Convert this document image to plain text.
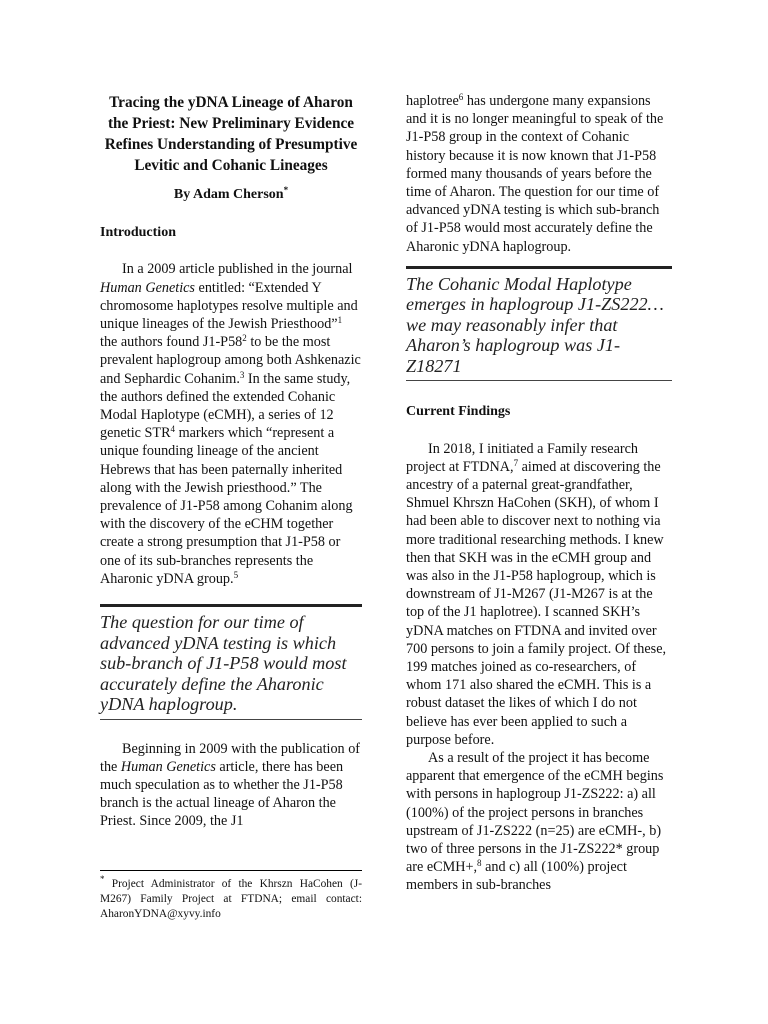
Tracing the yDNA Lineage of Aharon the Priest: New Preliminary Evidence Refines Understanding of Presumptive Levitic and Cohanic Lineages
By Adam Cherson*
Introduction

In a 2009 article published in the journal Human Genetics entitled: “Extended Y chromosome haplotypes resolve multiple and unique lineages of the Jewish Priesthood”$^1$ the authors found $J1-P58^2$ to be the most prevalent haplogroup among both Ashkenazic and Sephardic Cohanim.$^3$ In the same study, the authors defined the extended Cohanic Modal Haplotype (eCMH), a series of 12 genetic STR$^4$ markers which “represent a unique founding lineage of the ancient Hebrews that has been paternally inherited along with the Jewish priesthood.” The prevalence of J1-P58 among Cohanim along with the discovery of the eCHM together create a strong presumption that J1-P58 or one of its sub-branches represents the Aharonic yDNA group.$^5$

The question for our time of advanced yDNA testing is which sub-branch of J1-P58 would most accurately define the Aharonic yDNA haplogroup.

Beginning in 2009 with the publication of the Human Genetics article, there has been much speculation as to whether the J1-P58 branch is the actual lineage of Aharon the Priest. Since 2009, the J1

* Project Administrator of the Khrszn HaCohen (J-M267) Family Project at FTDNA; email contact: AharonYDNA@xyvy.info

haplotree$^6$ has undergone many expansions and it is no longer meaningful to speak of the J1-P58 group in the context of Cohanic history because it is now known that J1-P58 formed many thousands of years before the time of Aharon. The question for our time of advanced yDNA testing is which sub-branch of J1-P58 would most accurately define the Aharonic yDNA haplogroup.

The Cohanic Modal Haplotype emerges in haplogroup J1-ZS222… we may reasonably infer that Aharon’s haplogroup was J1-Z18271
Current Findings

In 2018, I initiated a Family research project at FTDNA,$^7$ aimed at discovering the ancestry of a paternal great-grandfather, Shmuel Khrszn HaCohen (SKH), of whom I had been able to discover next to nothing via more traditional researching methods. I knew then that SKH was in the eCMH group and was also in the J1-P58 haplogroup, which is downstream of J1-M267 (J1-M267 is at the top of the J1 haplotree). I scanned SKH’s yDNA matches on FTDNA and invited over 700 persons to join a family project. Of these, 199 matches joined as co-researchers, of whom 171 also shared the eCMH. This is a robust dataset the likes of which I do not believe has ever been applied to such a purpose before.

As a result of the project it has become apparent that emergence of the eCMH begins with persons in haplogroup J1-ZS222: a) all (100%) of the project persons in branches upstream of J1-ZS222 (n=25) are eCMH-, b) two of three persons in the J1-ZS222* group are eCMH+,$^8$ and c) all (100%) project members in sub-branches
